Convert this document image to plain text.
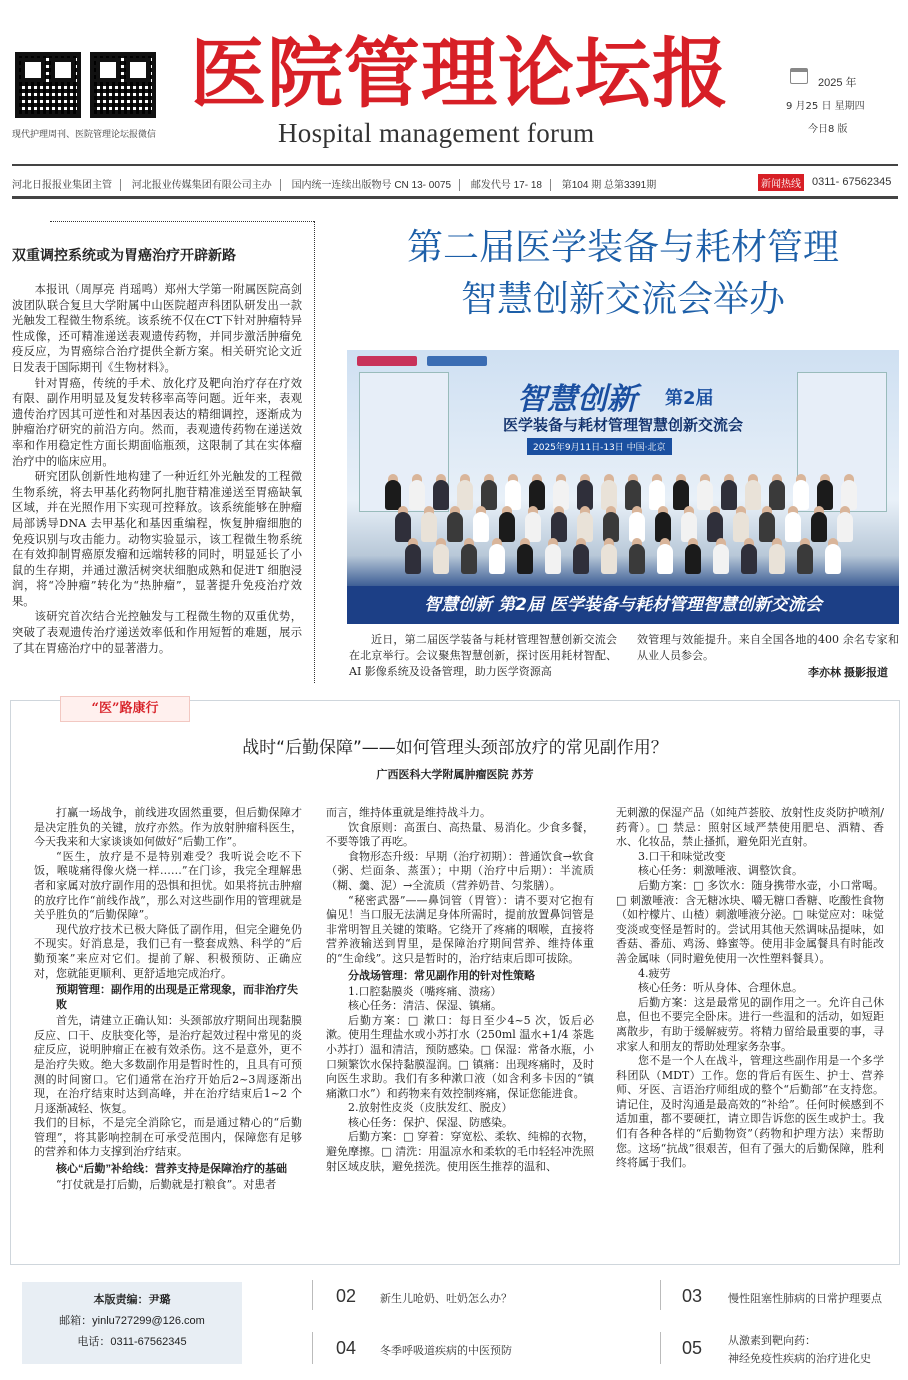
现代护理周刊、医院管理论坛报微信
医院管理论坛报
Hospital management forum
2025 年
9 月25 日 星期四
今日8 版
河北日报报业集团主管 河北报业传媒集团有限公司主办 国内统一连续出版物号 CN 13- 0075 邮发代号 17- 18 第104 期 总第3391期	新闻热线 0311- 67562345
双重调控系统或为胃癌治疗开辟新路
本报讯（周厚亮 肖瑶鸣）郑州大学第一附属医院高剑波团队联合复旦大学附属中山医院超声科团队研发出一款光触发工程微生物系统。该系统不仅在CT下针对肿瘤特异性成像，还可精准递送表观遗传药物，并同步激活肿瘤免疫反应，为胃癌综合治疗提供全新方案。相关研究论文近日发表于国际期刊《生物材料》。
针对胃癌，传统的手术、放化疗及靶向治疗存在疗效有限、副作用明显及复发转移率高等问题。近年来，表观遗传治疗因其可逆性和对基因表达的精细调控，逐渐成为肿瘤治疗研究的前沿方向。然而，表观遗传药物在递送效率和作用稳定性方面长期面临瓶颈，这限制了其在实体瘤治疗中的临床应用。
研究团队创新性地构建了一种近红外光触发的工程微生物系统，将去甲基化药物阿扎胞苷精准递送至胃癌缺氧区域，并在光照作用下实现可控释放。该系统能够在肿瘤局部诱导DNA 去甲基化和基因重编程，恢复肿瘤细胞的免疫识别与攻击能力。动物实验显示，该工程微生物系统在有效抑制胃癌原发瘤和远端转移的同时，明显延长了小鼠的生存期，并通过激活树突状细胞成熟和促进T 细胞浸润，将“冷肿瘤”转化为“热肿瘤”，显著提升免疫治疗效果。
该研究首次结合光控触发与工程微生物的双重优势，突破了表观遗传治疗递送效率低和作用短暂的难题，展示了其在胃癌治疗中的显著潜力。
第二届医学装备与耗材管理
智慧创新交流会举办
智慧创新 第2届
医学装备与耗材管理智慧创新交流会
2025年9月11日-13日 中国·北京
智慧创新 第2届 医学装备与耗材管理智慧创新交流会
近日，第二届医学装备与耗材管理智慧创新交流会在北京举行。会议聚焦智慧创新，探讨医用耗材智配、AI 影像系统及设备管理，助力医学资源高
效管理与效能提升。来自全国各地的400 余名专家和从业人员参会。
李亦林 摄影报道
“医”路康行
战时“后勤保障”——如何管理头颈部放疗的常见副作用？
广西医科大学附属肿瘤医院 苏芳
打赢一场战争，前线进攻固然重要，但后勤保障才是决定胜负的关键，放疗亦然。作为放射肿瘤科医生，今天我来和大家谈谈如何做好“后勤工作”。
“医生，放疗是不是特别难受？我听说会吃不下饭，喉咙痛得像火烧一样……”在门诊，我完全理解患者和家属对放疗副作用的恐惧和担忧。如果将抗击肿瘤的放疗比作“前线作战”，那么对这些副作用的管理就是关乎胜负的“后勤保障”。
现代放疗技术已极大降低了副作用，但完全避免仍不现实。好消息是，我们已有一整套成熟、科学的“后勤预案”来应对它们。提前了解、积极预防、正确应对，您就能更顺利、更舒适地完成治疗。
预期管理：副作用的出现是正常现象，而非治疗失败
首先，请建立正确认知：头颈部放疗期间出现黏膜反应、口干、皮肤变化等，是治疗起效过程中常见的炎症反应，说明肿瘤正在被有效杀伤。这不是意外，更不是治疗失败。绝大多数副作用是暂时性的，且具有可预测的时间窗口。它们通常在治疗开始后2~3周逐渐出现，在治疗结束时达到高峰，并在治疗结束后1~2 个月逐渐减轻、恢复。
我们的目标，不是完全消除它，而是通过精心的“后勤管理”，将其影响控制在可承受范围内，保障您有足够的营养和体力支撑到治疗结束。
核心“后勤”补给线：营养支持是保障治疗的基础
“打仗就是打后勤，后勤就是打粮食”。对患者
而言，维持体重就是维持战斗力。
饮食原则：高蛋白、高热量、易消化。少食多餐，不要等饿了再吃。
食物形态升级：早期（治疗初期）：普通饮食→软食（粥、烂面条、蒸蛋）；中期（治疗中后期）：半流质（糊、羹、泥）→全流质（营养奶昔、匀浆膳）。
“秘密武器”——鼻饲管（胃管）：请不要对它抱有偏见！当口服无法满足身体所需时，提前放置鼻饲管是非常明智且关键的策略。它绕开了疼痛的咽喉，直接将营养液输送到胃里，是保障治疗期间营养、维持体重的“生命线”。这只是暂时的，治疗结束后即可拔除。
分战场管理：常见副作用的针对性策略
1.口腔黏膜炎（嘴疼痛、溃疡）
核心任务：清洁、保湿、镇痛。
后勤方案：□ 漱口：每日至少4~5 次，饭后必漱。使用生理盐水或小苏打水（250ml 温水+1/4 茶匙小苏打）温和清洁，预防感染。□ 保湿：常备水瓶，小口频繁饮水保持黏膜湿润。□ 镇痛：出现疼痛时，及时向医生求助。我们有多种漱口液（如含利多卡因的“镇痛漱口水”）和药物来有效控制疼痛，保证您能进食。
2.放射性皮炎（皮肤发红、脱皮）
核心任务：保护、保湿、防感染。
后勤方案：□ 穿着：穿宽松、柔软、纯棉的衣物，避免摩擦。□ 清洗：用温凉水和柔软的毛巾轻轻冲洗照射区域皮肤，避免搓洗。使用医生推荐的温和、
无刺激的保湿产品（如纯芦荟胶、放射性皮炎防护喷剂/药膏）。□ 禁忌：照射区域严禁使用肥皂、酒精、香水、化妆品，禁止搔抓，避免阳光直射。
3.口干和味觉改变
核心任务：刺激唾液、调整饮食。
后勤方案：□ 多饮水：随身携带水壶，小口常喝。□ 刺激唾液：含无糖冰块、嚼无糖口香糖、吃酸性食物（如柠檬片、山楂）刺激唾液分泌。□ 味觉应对：味觉变淡或变怪是暂时的。尝试用其他天然调味品提味，如香菇、番茄、鸡汤、蜂蜜等。使用非金属餐具有时能改善金属味（同时避免使用一次性塑料餐具）。
4.疲劳
核心任务：听从身体、合理休息。
后勤方案：这是最常见的副作用之一。允许自己休息，但也不要完全卧床。进行一些温和的活动，如短距离散步，有助于缓解疲劳。将精力留给最重要的事，寻求家人和朋友的帮助处理家务杂事。
您不是一个人在战斗，管理这些副作用是一个多学科团队（MDT）工作。您的背后有医生、护士、营养师、牙医、言语治疗师组成的整个“后勤部”在支持您。请记住，及时沟通是最高效的“补给”。任何时候感到不适加重，都不要硬扛，请立即告诉您的医生或护士。我们有各种各样的“后勤物资”（药物和护理方法）来帮助您。这场“抗战”很艰苦，但有了强大的后勤保障，胜利终将属于我们。
本版责编：尹璐
邮箱：yinlu727299@126.com
电话：0311-67562345
02 新生儿呛奶、吐奶怎么办？	03 慢性阻塞性肺病的日常护理要点
04 冬季呼吸道疾病的中医预防	05 从激素到靶向药：
神经免疫性疾病的治疗进化史
